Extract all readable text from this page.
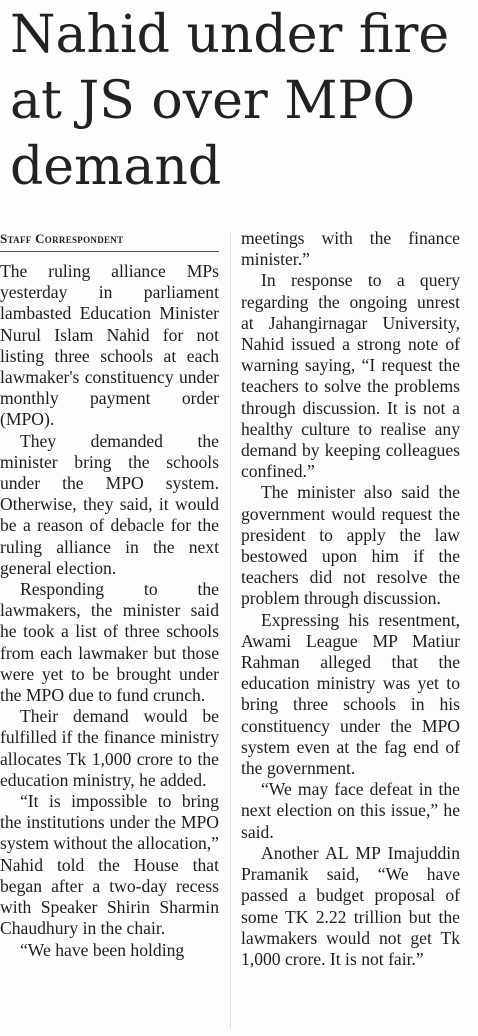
Nahid under fire at JS over MPO demand
Staff Correspondent

The ruling alliance MPs yesterday in parliament lambasted Education Minister Nurul Islam Nahid for not listing three schools at each lawmaker's constituency under monthly payment order (MPO).

They demanded the minister bring the schools under the MPO system. Otherwise, they said, it would be a reason of debacle for the ruling alliance in the next general election.

Responding to the lawmakers, the minister said he took a list of three schools from each lawmaker but those were yet to be brought under the MPO due to fund crunch.

Their demand would be fulfilled if the finance ministry allocates Tk 1,000 crore to the education ministry, he added.

“It is impossible to bring the institutions under the MPO system without the allocation,” Nahid told the House that began after a two-day recess with Speaker Shirin Sharmin Chaudhury in the chair.

“We have been holding

meetings with the finance minister.”

In response to a query regarding the ongoing unrest at Jahangirnagar University, Nahid issued a strong note of warning saying, “I request the teachers to solve the problems through discussion. It is not a healthy culture to realise any demand by keeping colleagues confined.”

The minister also said the government would request the president to apply the law bestowed upon him if the teachers did not resolve the problem through discussion.

Expressing his resentment, Awami League MP Matiur Rahman alleged that the education ministry was yet to bring three schools in his constituency under the MPO system even at the fag end of the government.

“We may face defeat in the next election on this issue,” he said.

Another AL MP Imajuddin Pramanik said, “We have passed a budget proposal of some TK 2.22 trillion but the lawmakers would not get Tk 1,000 crore. It is not fair.”
